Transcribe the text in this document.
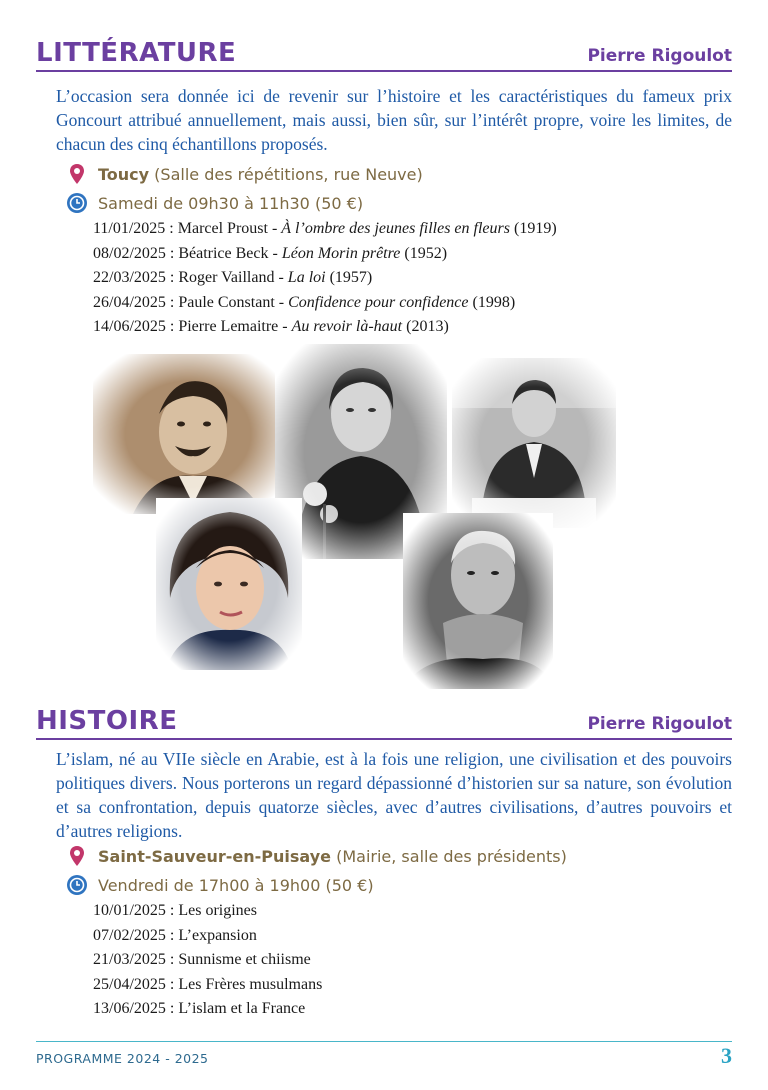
LITTÉRATURE	Pierre Rigoulot
L’occasion sera donnée ici de revenir sur l’histoire et les caractéristiques du fameux prix Goncourt attribué annuellement, mais aussi, bien sûr, sur l’intérêt propre, voire les limites, de chacun des cinq échantillons proposés.
Toucy (Salle des répétitions, rue Neuve)
Samedi de 09h30 à 11h30 (50 €)
11/01/2025 : Marcel Proust - À l’ombre des jeunes filles en fleurs (1919)
08/02/2025 : Béatrice Beck - Léon Morin prêtre (1952)
22/03/2025 : Roger Vailland - La loi (1957)
26/04/2025 : Paule Constant - Confidence pour confidence (1998)
14/06/2025 : Pierre Lemaitre - Au revoir là-haut (2013)
HISTOIRE	Pierre Rigoulot
L’islam, né au VIIe siècle en Arabie, est à la fois une religion, une civilisation et des pouvoirs politiques divers. Nous porterons un regard dépassionné d’historien sur sa nature, son évolution et sa confrontation, depuis quatorze siècles, avec d’autres civilisations, d’autres pouvoirs et d’autres religions.
Saint-Sauveur-en-Puisaye (Mairie, salle des présidents)
Vendredi de 17h00 à 19h00 (50 €)
10/01/2025 : Les origines
07/02/2025 : L’expansion
21/03/2025 : Sunnisme et chiisme
25/04/2025 : Les Frères musulmans
13/06/2025 : L’islam et la France
PROGRAMME 2024 - 2025	3
